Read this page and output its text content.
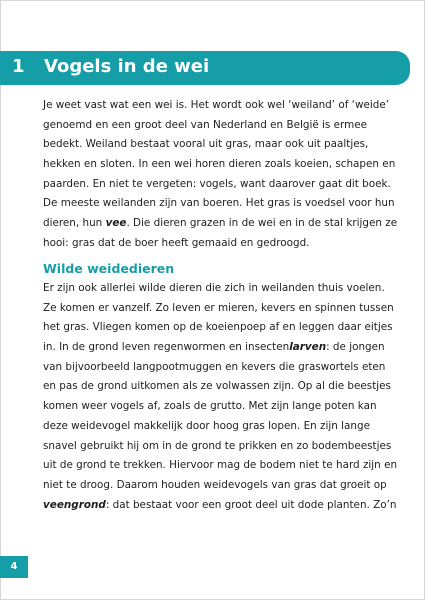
1 Vogels in de wei
Je weet vast wat een wei is. Het wordt ook wel ‘weiland’ of ‘weide’
genoemd en een groot deel van Nederland en België is ermee
bedekt. Weiland bestaat vooral uit gras, maar ook uit paaltjes,
hekken en sloten. In een wei horen dieren zoals koeien, schapen en
paarden. En niet te vergeten: vogels, want daarover gaat dit boek.
De meeste weilanden zijn van boeren. Het gras is voedsel voor hun
dieren, hun vee. Die dieren grazen in de wei en in de stal krijgen ze
hooi: gras dat de boer heeft gemaaid en gedroogd.
Wilde weidedieren
Er zijn ook allerlei wilde dieren die zich in weilanden thuis voelen.
Ze komen er vanzelf. Zo leven er mieren, kevers en spinnen tussen
het gras. Vliegen komen op de koeienpoep af en leggen daar eitjes
in. In de grond leven regenwormen en insectenlarven: de jongen
van bijvoorbeeld langpootmuggen en kevers die graswortels eten
en pas de grond uitkomen als ze volwassen zijn. Op al die beestjes
komen weer vogels af, zoals de grutto. Met zijn lange poten kan
deze weidevogel makkelijk door hoog gras lopen. En zijn lange
snavel gebruikt hij om in de grond te prikken en zo bodembeestjes
uit de grond te trekken. Hiervoor mag de bodem niet te hard zijn en
niet te droog. Daarom houden weidevogels van gras dat groeit op
veengrond: dat bestaat voor een groot deel uit dode planten. Zo’n
4
